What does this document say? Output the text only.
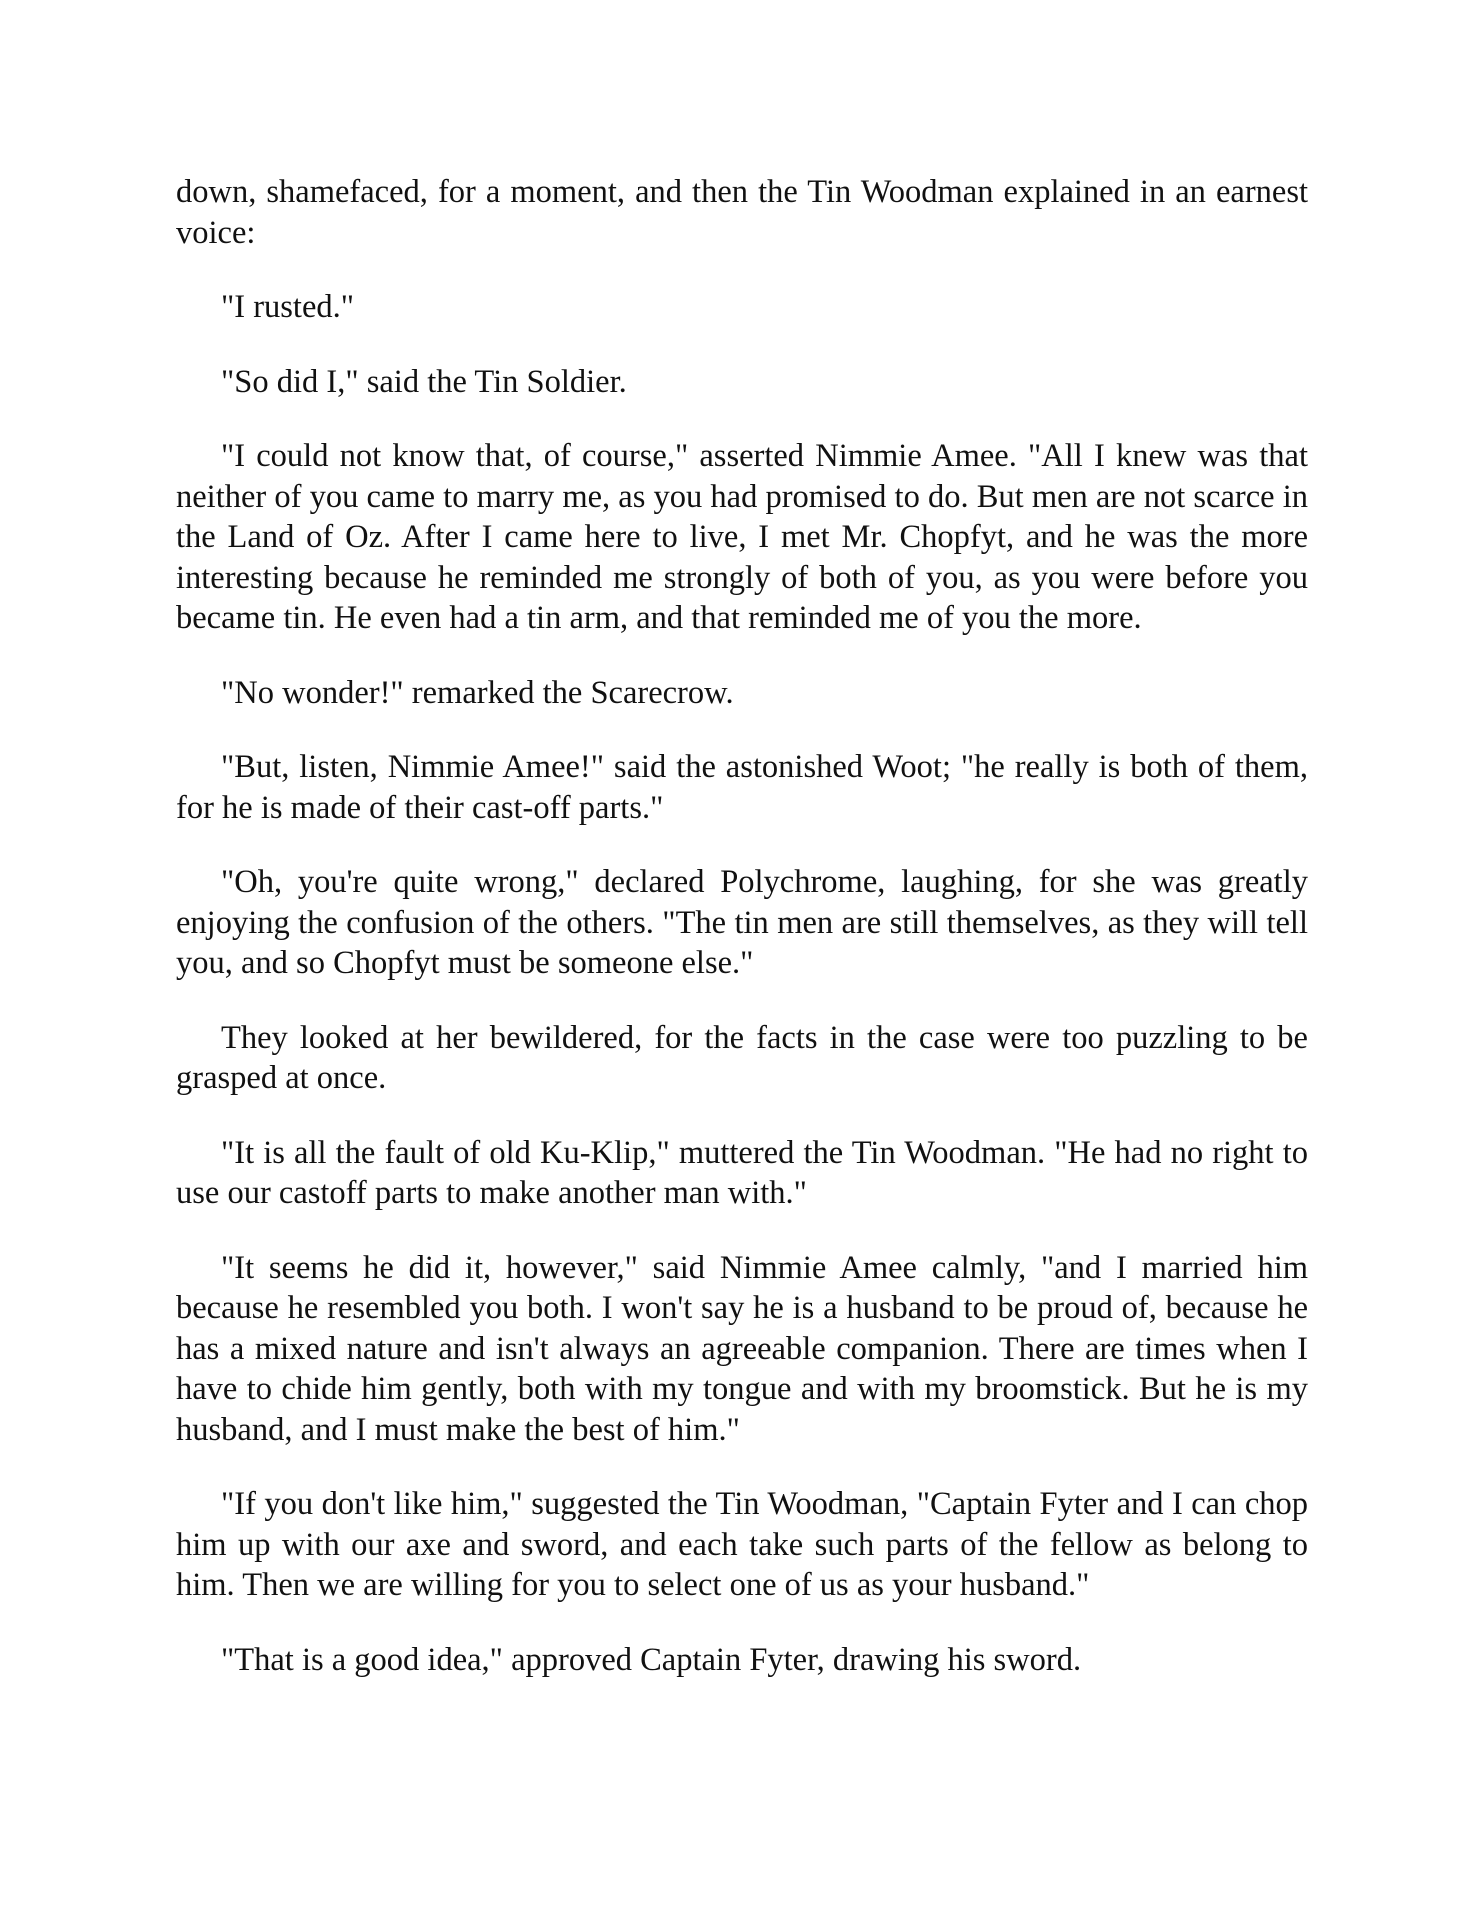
down, shamefaced, for a moment, and then the Tin Woodman explained in an earnest voice:

"I rusted."

"So did I," said the Tin Soldier.

"I could not know that, of course," asserted Nimmie Amee. "All I knew was that neither of you came to marry me, as you had promised to do. But men are not scarce in the Land of Oz. After I came here to live, I met Mr. Chopfyt, and he was the more interesting because he reminded me strongly of both of you, as you were before you became tin. He even had a tin arm, and that reminded me of you the more.

"No wonder!" remarked the Scarecrow.

"But, listen, Nimmie Amee!" said the astonished Woot; "he really is both of them, for he is made of their cast-off parts."

"Oh, you're quite wrong," declared Polychrome, laughing, for she was greatly enjoying the confusion of the others. "The tin men are still themselves, as they will tell you, and so Chopfyt must be someone else."

They looked at her bewildered, for the facts in the case were too puzzling to be grasped at once.

"It is all the fault of old Ku-Klip," muttered the Tin Woodman. "He had no right to use our castoff parts to make another man with."

"It seems he did it, however," said Nimmie Amee calmly, "and I married him because he resembled you both. I won't say he is a husband to be proud of, because he has a mixed nature and isn't always an agreeable companion. There are times when I have to chide him gently, both with my tongue and with my broomstick. But he is my husband, and I must make the best of him."

"If you don't like him," suggested the Tin Woodman, "Captain Fyter and I can chop him up with our axe and sword, and each take such parts of the fellow as belong to him. Then we are willing for you to select one of us as your husband."

"That is a good idea," approved Captain Fyter, drawing his sword.
